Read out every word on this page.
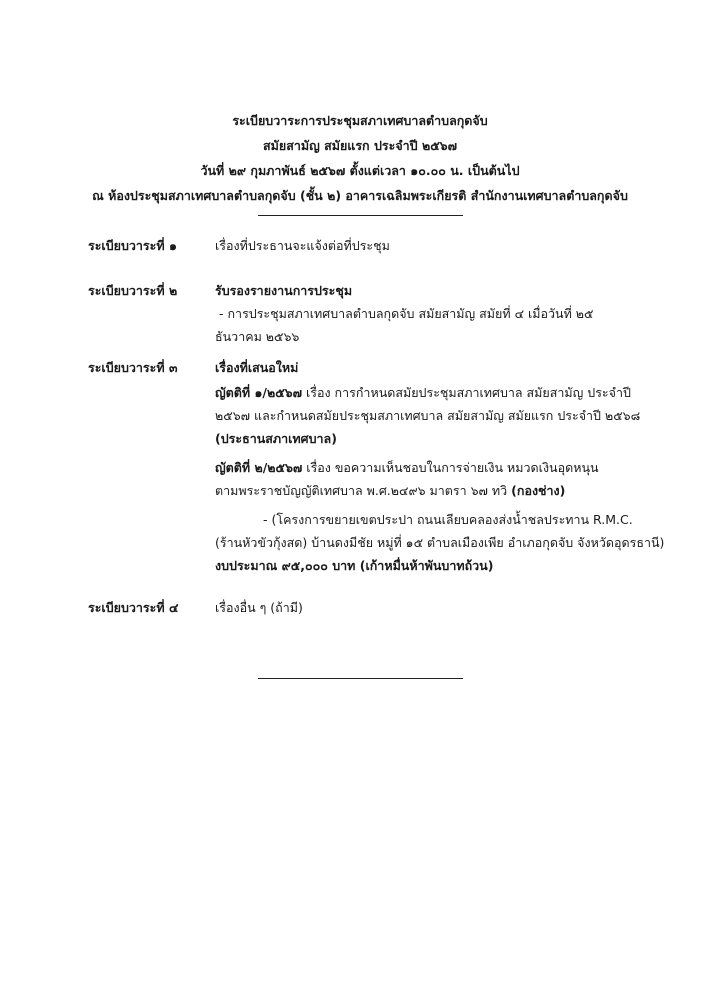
ระเบียบวาระการประชุมสภาเทศบาลตำบลกุดจับ
สมัยสามัญ สมัยแรก ประจำปี ๒๕๖๗
วันที่ ๒๙ กุมภาพันธ์ ๒๕๖๗ ตั้งแต่เวลา ๑๐.๐๐ น. เป็นต้นไป
ณ ห้องประชุมสภาเทศบาลตำบลกุดจับ (ชั้น ๒) อาคารเฉลิมพระเกียรติ สำนักงานเทศบาลตำบลกุดจับ
ระเบียบวาระที่ ๑	เรื่องที่ประธานจะแจ้งต่อที่ประชุม
ระเบียบวาระที่ ๒	รับรองรายงานการประชุม
- การประชุมสภาเทศบาลตำบลกุดจับ สมัยสามัญ สมัยที่ ๔ เมื่อวันที่ ๒๕
ธันวาคม ๒๕๖๖
ระเบียบวาระที่ ๓	เรื่องที่เสนอใหม่
ญัตติที่ ๑/๒๕๖๗ เรื่อง การกำหนดสมัยประชุมสภาเทศบาล สมัยสามัญ ประจำปี
๒๕๖๗ และกำหนดสมัยประชุมสภาเทศบาล สมัยสามัญ สมัยแรก ประจำปี ๒๕๖๘
(ประธานสภาเทศบาล)
ญัตติที่ ๒/๒๕๖๗ เรื่อง ขอความเห็นชอบในการจ่ายเงิน หมวดเงินอุดหนุน
ตามพระราชบัญญัติเทศบาล พ.ศ.๒๔๙๖ มาตรา ๖๗ ทวิ (กองช่าง)
- (โครงการขยายเขตประปา ถนนเลียบคลองส่งน้ำชลประทาน R.M.C.
(ร้านหัวขัวกุ้งสด) บ้านดงมีชัย หมู่ที่ ๑๕ ตำบลเมืองเพีย อำเภอกุดจับ จังหวัดอุดรธานี)
งบประมาณ ๙๕,๐๐๐ บาท (เก้าหมื่นห้าพันบาทถ้วน)
ระเบียบวาระที่ ๔	เรื่องอื่น ๆ (ถ้ามี)
